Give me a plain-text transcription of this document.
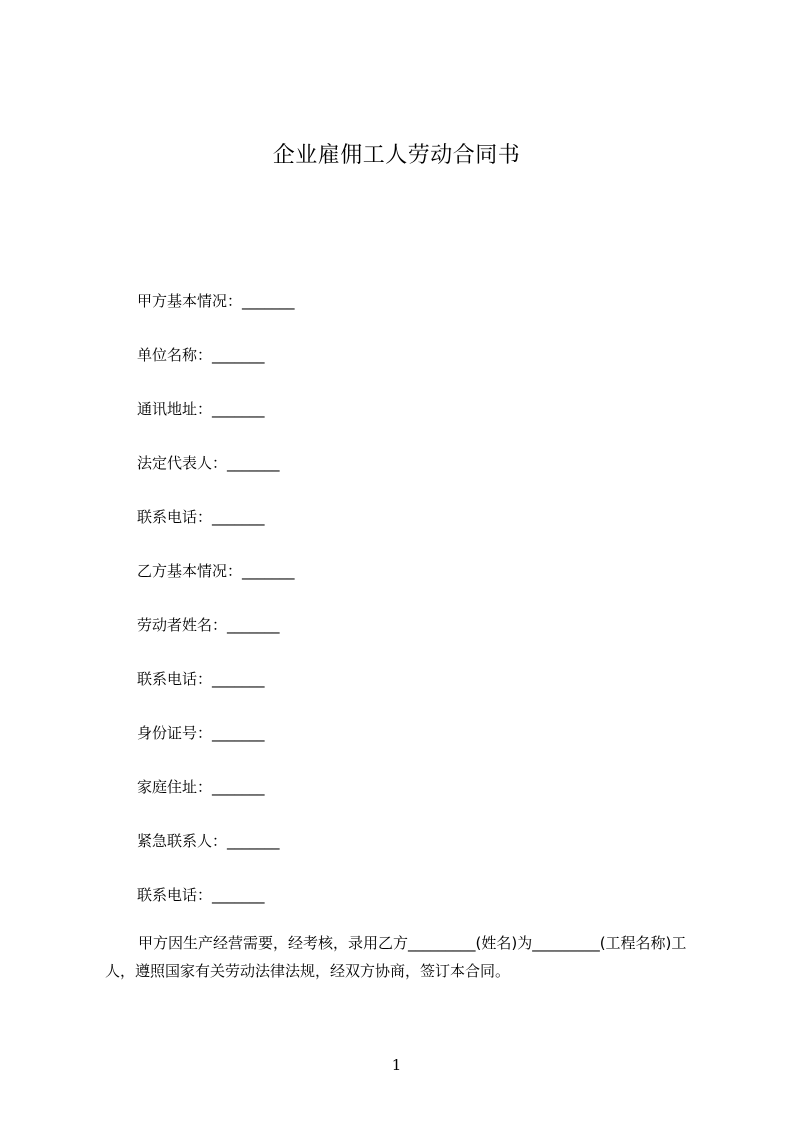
企业雇佣工人劳动合同书
甲方基本情况：_______
单位名称：_______
通讯地址：_______
法定代表人：_______
联系电话：_______
乙方基本情况：_______
劳动者姓名：_______
联系电话：_______
身份证号：_______
家庭住址：_______
紧急联系人：_______
联系电话：_______

甲方因生产经营需要，经考核，录用乙方_________(姓名)为_________(工程名称)工人，遵照国家有关劳动法律法规，经双方协商，签订本合同。

1
